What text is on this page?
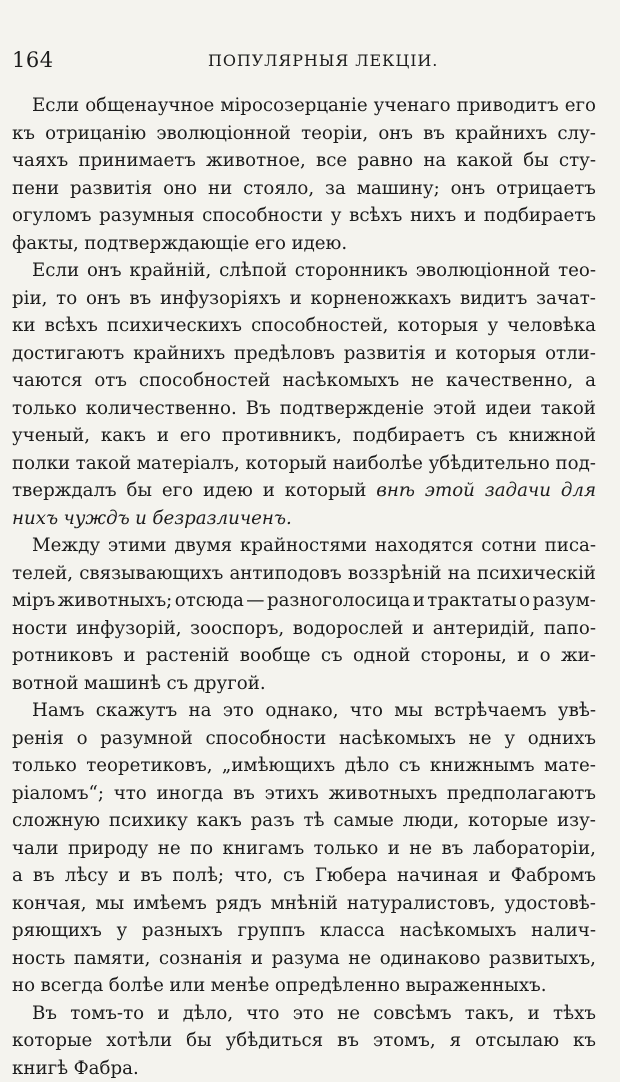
164	ПОПУЛЯРНЫЯ ЛЕКЦІИ.
Если общенаучное міросозерцаніе ученаго приводитъ его
къ отрицанію эволюціонной теоріи, онъ въ крайнихъ слу-
чаяхъ принимаетъ животное, все равно на какой бы сту-
пени развитія оно ни стояло, за машину; онъ отрицаетъ
огуломъ разумныя способности у всѣхъ нихъ и подбираетъ
факты, подтверждающіе его идею.
Если онъ крайній, слѣпой сторонникъ эволюціонной тео-
ріи, то онъ въ инфузоріяхъ и корненожкахъ видитъ зачат-
ки всѣхъ психическихъ способностей, которыя у человѣка
достигаютъ крайнихъ предѣловъ развитія и которыя отли-
чаются отъ способностей насѣкомыхъ не качественно, а
только количественно. Въ подтвержденіе этой идеи такой
ученый, какъ и его противникъ, подбираетъ съ книжной
полки такой матеріалъ, который наиболѣе убѣдительно под-
тверждалъ бы его идею и который внѣ этой задачи для
нихъ чуждъ и безразличенъ.
Между этими двумя крайностями находятся сотни писа-
телей, связывающихъ антиподовъ воззрѣній на психическій
міръ животныхъ; отсюда — разноголосица и трактаты о разум-
ности инфузорій, зооспоръ, водорослей и антеридій, папо-
ротниковъ и растеній вообще съ одной стороны, и о жи-
вотной машинѣ съ другой.
Намъ скажутъ на это однако, что мы встрѣчаемъ увѣ-
ренія о разумной способности насѣкомыхъ не у однихъ
только теоретиковъ, „имѣющихъ дѣло съ книжнымъ мате-
ріаломъ“; что иногда въ этихъ животныхъ предполагаютъ
сложную психику какъ разъ тѣ самые люди, которые изу-
чали природу не по книгамъ только и не въ лабораторіи,
а въ лѣсу и въ полѣ; что, съ Гюбера начиная и Фабромъ
кончая, мы имѣемъ рядъ мнѣній натуралистовъ, удостовѣ-
ряющихъ у разныхъ группъ класса насѣкомыхъ налич-
ность памяти, сознанія и разума не одинаково развитыхъ,
но всегда болѣе или менѣе опредѣленно выраженныхъ.
Въ томъ-то и дѣло, что это не совсѣмъ такъ, и тѣхъ
которые хотѣли бы убѣдиться въ этомъ, я отсылаю къ
книгѣ Фабра.
